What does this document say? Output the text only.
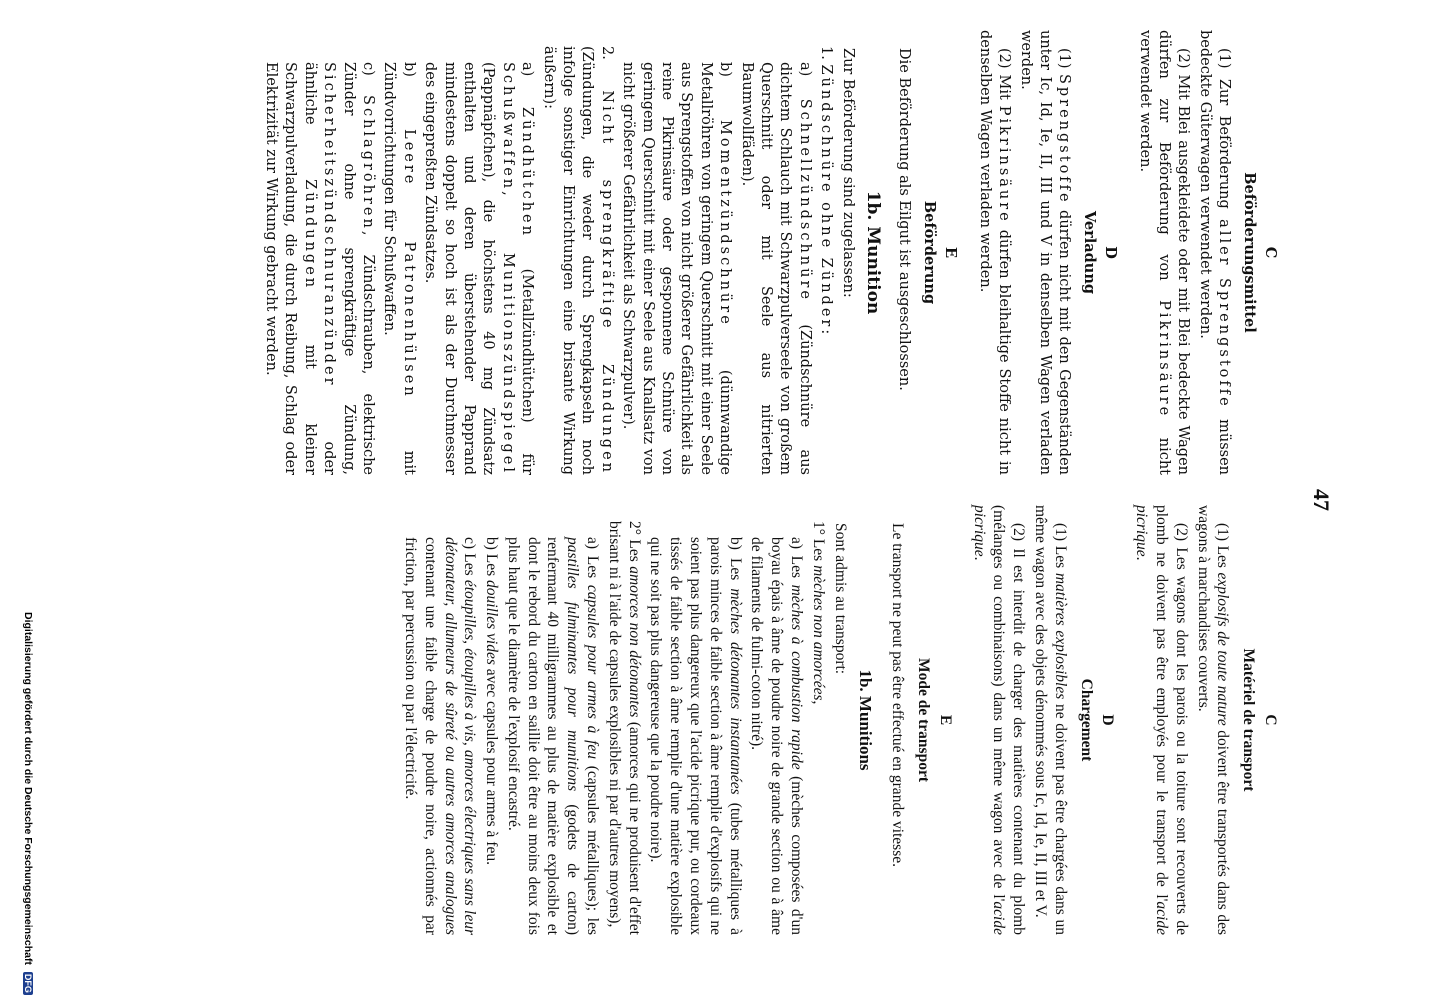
47
C
Beförderungsmittel

(1) Zur Beförderung aller Sprengstoffe müssen bedeckte Güterwagen verwendet werden.

(2) Mit Blei ausgekleidete oder mit Blei bedeckte Wagen dürfen zur Beförderung von Pikrinsäure nicht verwendet werden.

D
Verladung

(1) Sprengstoffe dürfen nicht mit den Gegenständen unter Ic, Id, Ie, II, III und V in denselben Wagen verladen werden.

(2) Mit Pikrinsäure dürfen bleihaltige Stoffe nicht in denselben Wagen verladen werden.

E
Beförderung

Die Beförderung als Eilgut ist ausgeschlossen.

1b. Munition

Zur Beförderung sind zugelassen:

1. Zündschnüre ohne Zünder:

a) Schnellzündschnüre (Zündschnüre aus dichtem Schlauch mit Schwarzpulverseele von großem Querschnitt oder mit Seele aus nitrierten Baumwollfäden).

b) Momentzündschnüre (dünnwandige Metallröhren von geringem Querschnitt mit einer Seele aus Sprengstoffen von nicht größerer Gefährlichkeit als reine Pikrinsäure oder gesponnene Schnüre von geringem Querschnitt mit einer Seele aus Knallsatz von nicht größerer Gefährlichkeit als Schwarzpulver).

2. Nicht sprengkräftige Zündungen (Zündungen, die weder durch Sprengkapseln noch infolge sonstiger Einrichtungen eine brisante Wirkung äußern):

a) Zündhütchen (Metallzündhütchen) für Schußwaffen, Munitionszündspiegel (Pappnäpfchen), die höchstens 40 mg Zündsatz enthalten und deren überstehender Papprand mindestens doppelt so hoch ist als der Durchmesser des eingepreßten Zündsatzes.

b) Leere Patronenhülsen mit Zündvorrichtungen für Schußwaffen.

c) Schlagröhren, Zündschrauben, elektrische Zünder ohne sprengkräftige Zündung, Sicherheitszündschnuranzünder oder ähnliche Zündungen mit kleiner Schwarzpulverladung, die durch Reibung, Schlag oder Elektrizität zur Wirkung gebracht werden.

C
Matériel de transport

(1) Les explosifs de toute nature doivent être transportés dans des wagons à marchandises couverts.

(2) Les wagons dont les parois ou la toiture sont recouverts de plomb ne doivent pas être employés pour le transport de l'acide picrique.

D
Chargement

(1) Les matières explosibles ne doivent pas être chargées dans un même wagon avec des objets dénommés sous Ic, Id, Ie, II, III et V.

(2) Il est interdit de charger des matières contenant du plomb (mélanges ou combinaisons) dans un même wagon avec de l'acide picrique.

E
Mode de transport

Le transport ne peut pas être effectué en grande vitesse.

1b. Munitions

Sont admis au transport:

1° Les mèches non amorcées,

a) Les mèches à combustion rapide (mèches composées d'un boyau épais à âme de poudre noire de grande section ou à âme de filaments de fulmi-coton nitré).

b) Les mèches détonantes instantanées (tubes métalliques à parois minces de faible section à âme remplie d'explosifs qui ne soient pas plus dangereux que l'acide picrique pur, ou cordeaux tissés de faible section à âme remplie d'une matière explosible qui ne soit pas plus dangereuse que la poudre noire).

2° Les amorces non détonantes (amorces qui ne produisent d'effet brisant ni à l'aide de capsules explosibles ni par d'autres moyens),

a) Les capsules pour armes à feu (capsules métalliques); les pastilles fulminantes pour munitions (godets de carton) renfermant 40 milligrammes au plus de matière explosible et dont le rebord du carton en saillie doit être au moins deux fois plus haut que le diamètre de l'explosif encastré.

b) Les douilles vides avec capsules pour armes à feu.

c) Les étoupilles, étoupilles à vis, amorces électriques sans leur détonateur, allumeurs de sûreté ou autres amorces analogues contenant une faible charge de poudre noire, actionnés par friction, par percussion ou par l'électricité.

Digitalisierung gefördert durch die Deutsche Forschungsgemeinschaft DFG
